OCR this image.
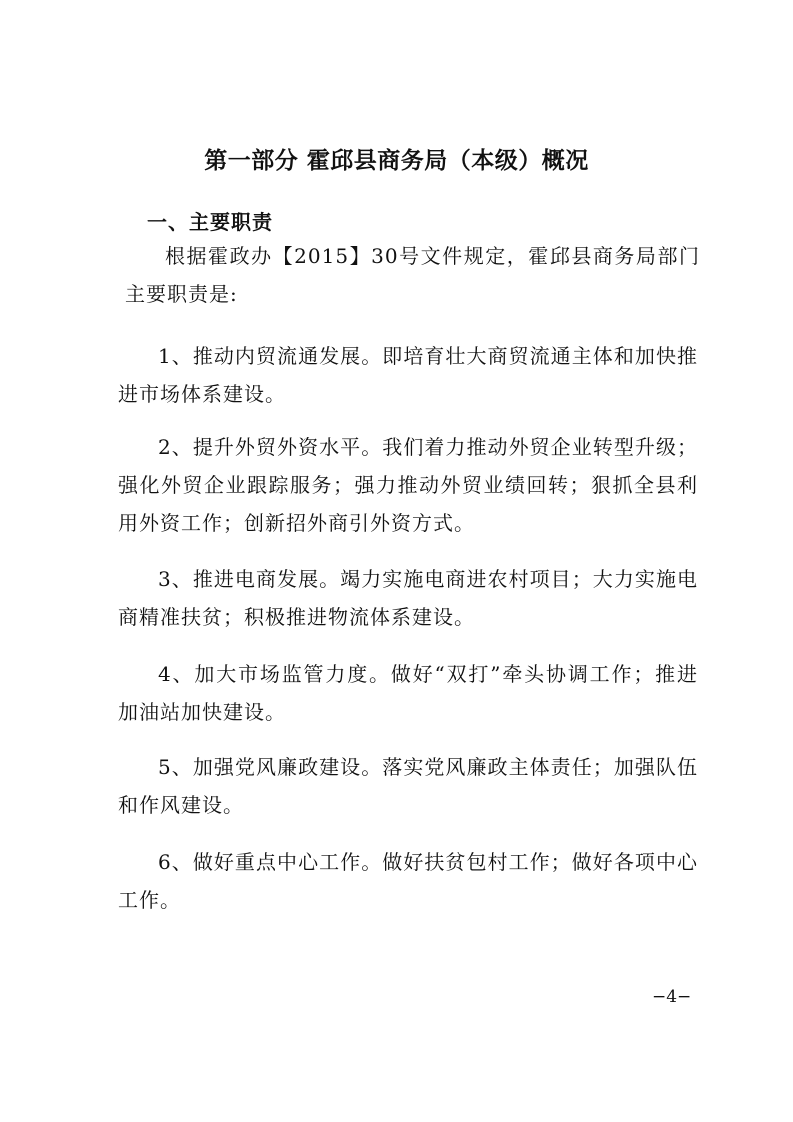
第一部分 霍邱县商务局（本级）概况
一、主要职责

根据霍政办【2015】30号文件规定，霍邱县商务局部门主要职责是:

1、推动内贸流通发展。即培育壮大商贸流通主体和加快推进市场体系建设。

2、提升外贸外资水平。我们着力推动外贸企业转型升级；强化外贸企业跟踪服务；强力推动外贸业绩回转；狠抓全县利用外资工作；创新招外商引外资方式。

3、推进电商发展。竭力实施电商进农村项目；大力实施电商精准扶贫；积极推进物流体系建设。

4、加大市场监管力度。做好“双打”牵头协调工作；推进加油站加快建设。

5、加强党风廉政建设。落实党风廉政主体责任；加强队伍和作风建设。

6、做好重点中心工作。做好扶贫包村工作；做好各项中心工作。

−4−
